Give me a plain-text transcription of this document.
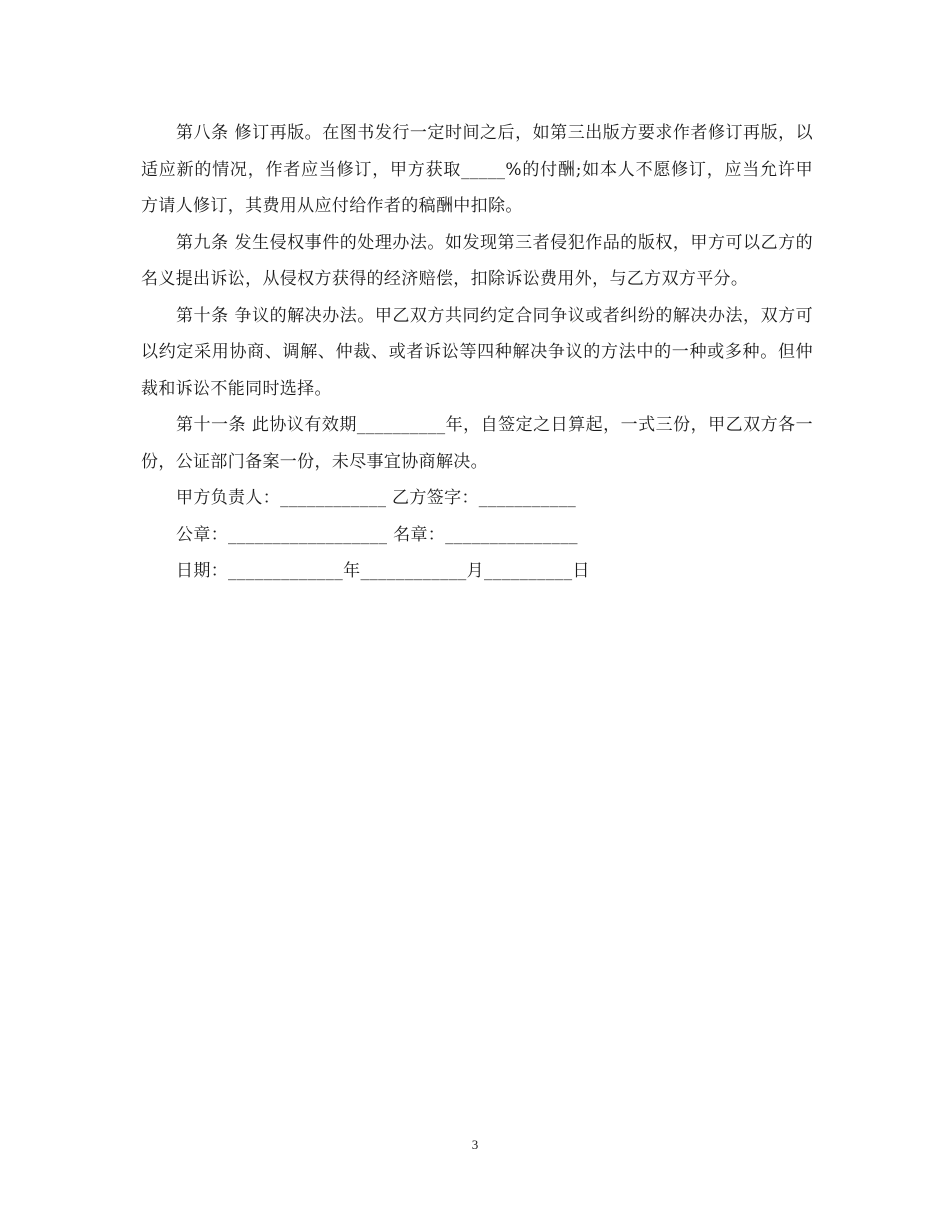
第八条 修订再版。在图书发行一定时间之后，如第三出版方要求作者修订再版，以适应新的情况，作者应当修订，甲方获取_____%的付酬;如本人不愿修订，应当允许甲方请人修订，其费用从应付给作者的稿酬中扣除。

第九条 发生侵权事件的处理办法。如发现第三者侵犯作品的版权，甲方可以乙方的名义提出诉讼，从侵权方获得的经济赔偿，扣除诉讼费用外，与乙方双方平分。

第十条 争议的解决办法。甲乙双方共同约定合同争议或者纠纷的解决办法，双方可以约定采用协商、调解、仲裁、或者诉讼等四种解决争议的方法中的一种或多种。但仲裁和诉讼不能同时选择。

第十一条 此协议有效期__________年，自签定之日算起，一式三份，甲乙双方各一份，公证部门备案一份，未尽事宜协商解决。

甲方负责人：____________ 乙方签字：___________

公章：__________________ 名章：_______________

日期：_____________年____________月__________日

3
